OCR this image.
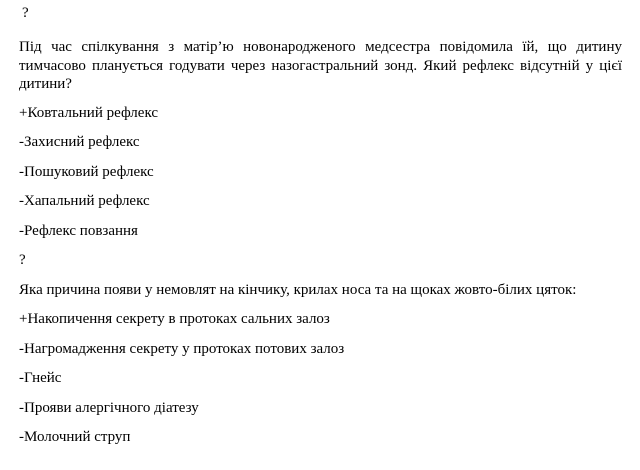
?
Під час спілкування з матір’ю новонародженого медсестра повідомила їй, що дитину тимчасово планується годувати через назогастральний зонд. Який рефлекс відсутній у цієї дитини?
+Ковтальний рефлекс
-Захисний рефлекс
-Пошуковий рефлекс
-Хапальний рефлекс
-Рефлекс повзання
?
Яка причина появи у немовлят на кінчику, крилах носа та на щоках жовто-білих цяток:
+Накопичення секрету в протоках сальних залоз
-Нагромадження секрету у протоках потових залоз
-Гнейс
-Прояви алергічного діатезу
-Молочний струп
